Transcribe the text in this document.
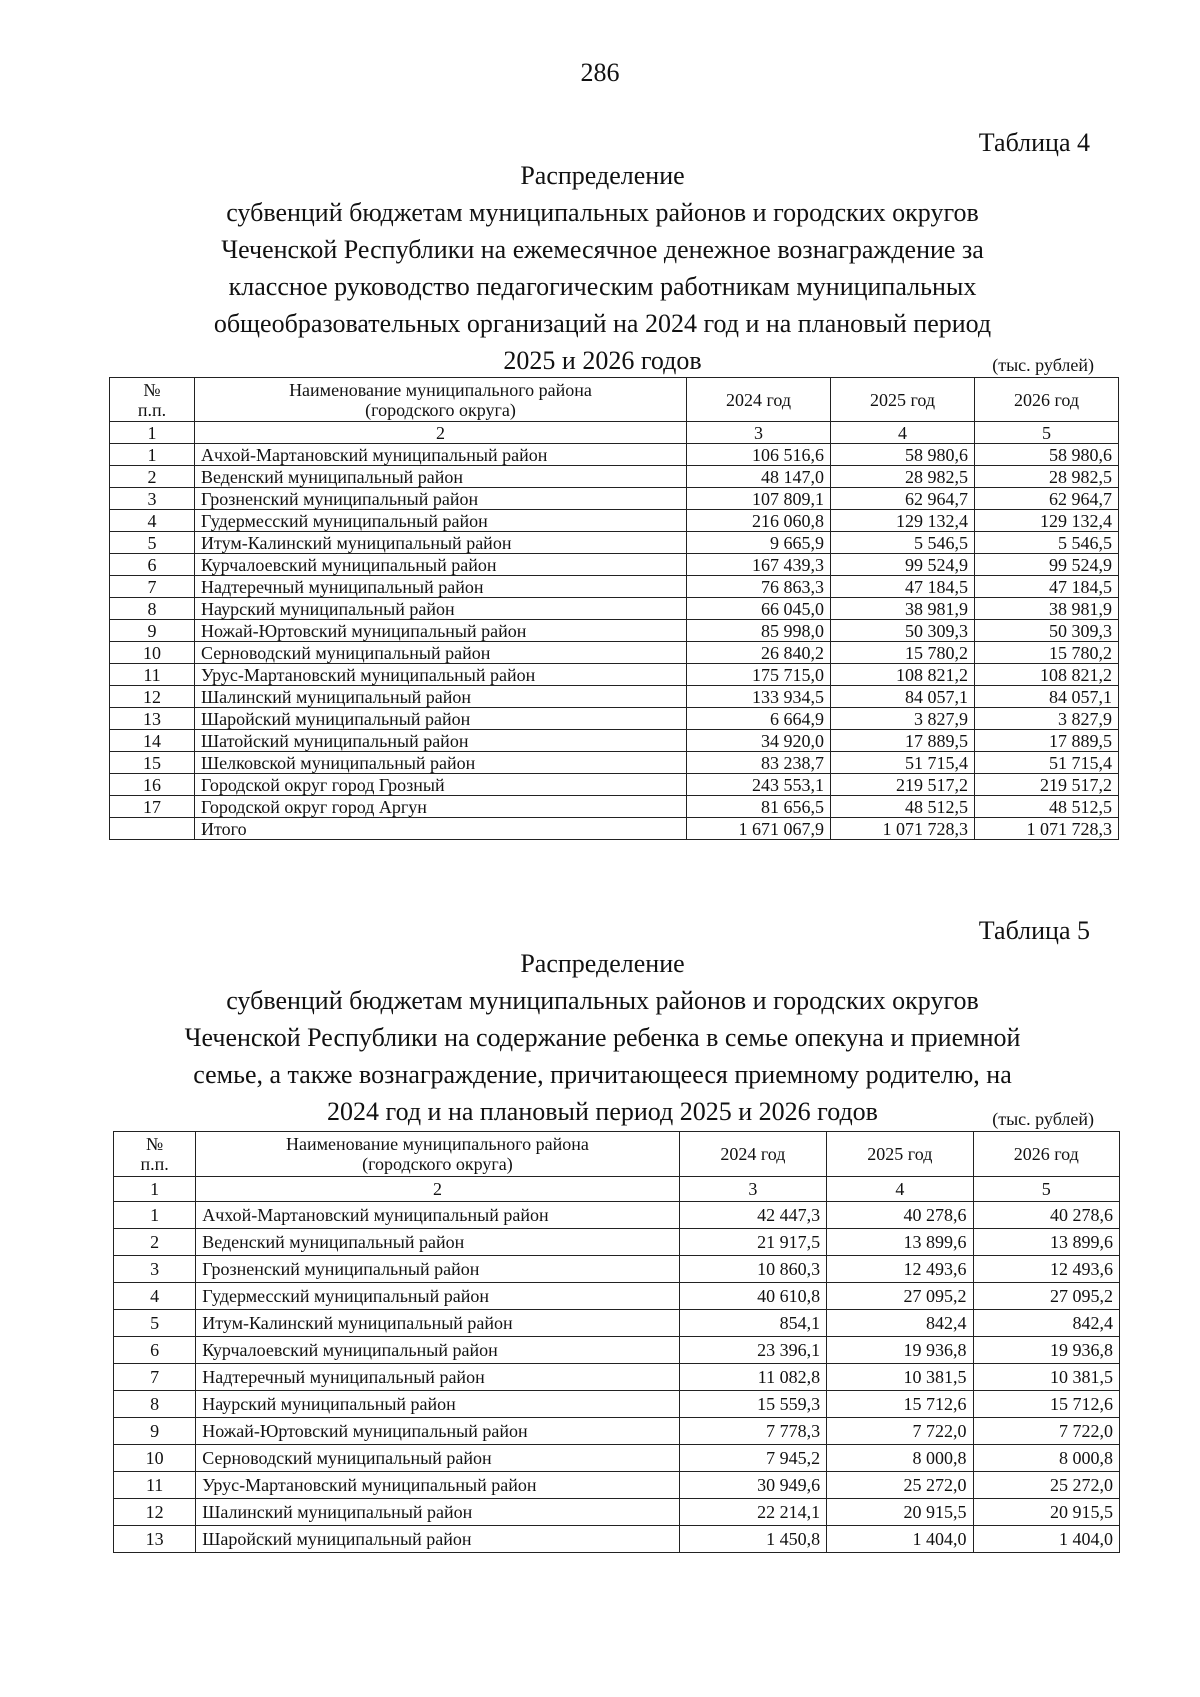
286
Таблица 4
Распределение
субвенций бюджетам муниципальных районов и городских округов
Чеченской Республики на ежемесячное денежное вознаграждение за
классное руководство педагогическим работникам муниципальных
общеобразовательных организаций на 2024 год и на плановый период
2025 и 2026 годов	(тыс. рублей)
№
п.п.	Наименование муниципального района
(городского округа)	2024 год	2025 год	2026 год
1	2	3	4	5
1	Ачхой-Мартановский муниципальный район	106 516,6	58 980,6	58 980,6
2	Веденский муниципальный район	48 147,0	28 982,5	28 982,5
3	Грозненский муниципальный район	107 809,1	62 964,7	62 964,7
4	Гудермесский муниципальный район	216 060,8	129 132,4	129 132,4
5	Итум-Калинский муниципальный район	9 665,9	5 546,5	5 546,5
6	Курчалоевский муниципальный район	167 439,3	99 524,9	99 524,9
7	Надтеречный муниципальный район	76 863,3	47 184,5	47 184,5
8	Наурский муниципальный район	66 045,0	38 981,9	38 981,9
9	Ножай-Юртовский муниципальный район	85 998,0	50 309,3	50 309,3
10	Серноводский муниципальный район	26 840,2	15 780,2	15 780,2
11	Урус-Мартановский муниципальный район	175 715,0	108 821,2	108 821,2
12	Шалинский муниципальный район	133 934,5	84 057,1	84 057,1
13	Шаройский муниципальный район	6 664,9	3 827,9	3 827,9
14	Шатойский муниципальный район	34 920,0	17 889,5	17 889,5
15	Шелковской муниципальный район	83 238,7	51 715,4	51 715,4
16	Городской округ город Грозный	243 553,1	219 517,2	219 517,2
17	Городской округ город Аргун	81 656,5	48 512,5	48 512,5
	Итого	1 671 067,9	1 071 728,3	1 071 728,3
Таблица 5
Распределение
субвенций бюджетам муниципальных районов и городских округов
Чеченской Республики на содержание ребенка в семье опекуна и приемной
семье, а также вознаграждение, причитающееся приемному родителю, на
2024 год и на плановый период 2025 и 2026 годов	(тыс. рублей)
№
п.п.	Наименование муниципального района
(городского округа)	2024 год	2025 год	2026 год
1	2	3	4	5
1	Ачхой-Мартановский муниципальный район	42 447,3	40 278,6	40 278,6
2	Веденский муниципальный район	21 917,5	13 899,6	13 899,6
3	Грозненский муниципальный район	10 860,3	12 493,6	12 493,6
4	Гудермесский муниципальный район	40 610,8	27 095,2	27 095,2
5	Итум-Калинский муниципальный район	854,1	842,4	842,4
6	Курчалоевский муниципальный район	23 396,1	19 936,8	19 936,8
7	Надтеречный муниципальный район	11 082,8	10 381,5	10 381,5
8	Наурский муниципальный район	15 559,3	15 712,6	15 712,6
9	Ножай-Юртовский муниципальный район	7 778,3	7 722,0	7 722,0
10	Серноводский муниципальный район	7 945,2	8 000,8	8 000,8
11	Урус-Мартановский муниципальный район	30 949,6	25 272,0	25 272,0
12	Шалинский муниципальный район	22 214,1	20 915,5	20 915,5
13	Шаройский муниципальный район	1 450,8	1 404,0	1 404,0
